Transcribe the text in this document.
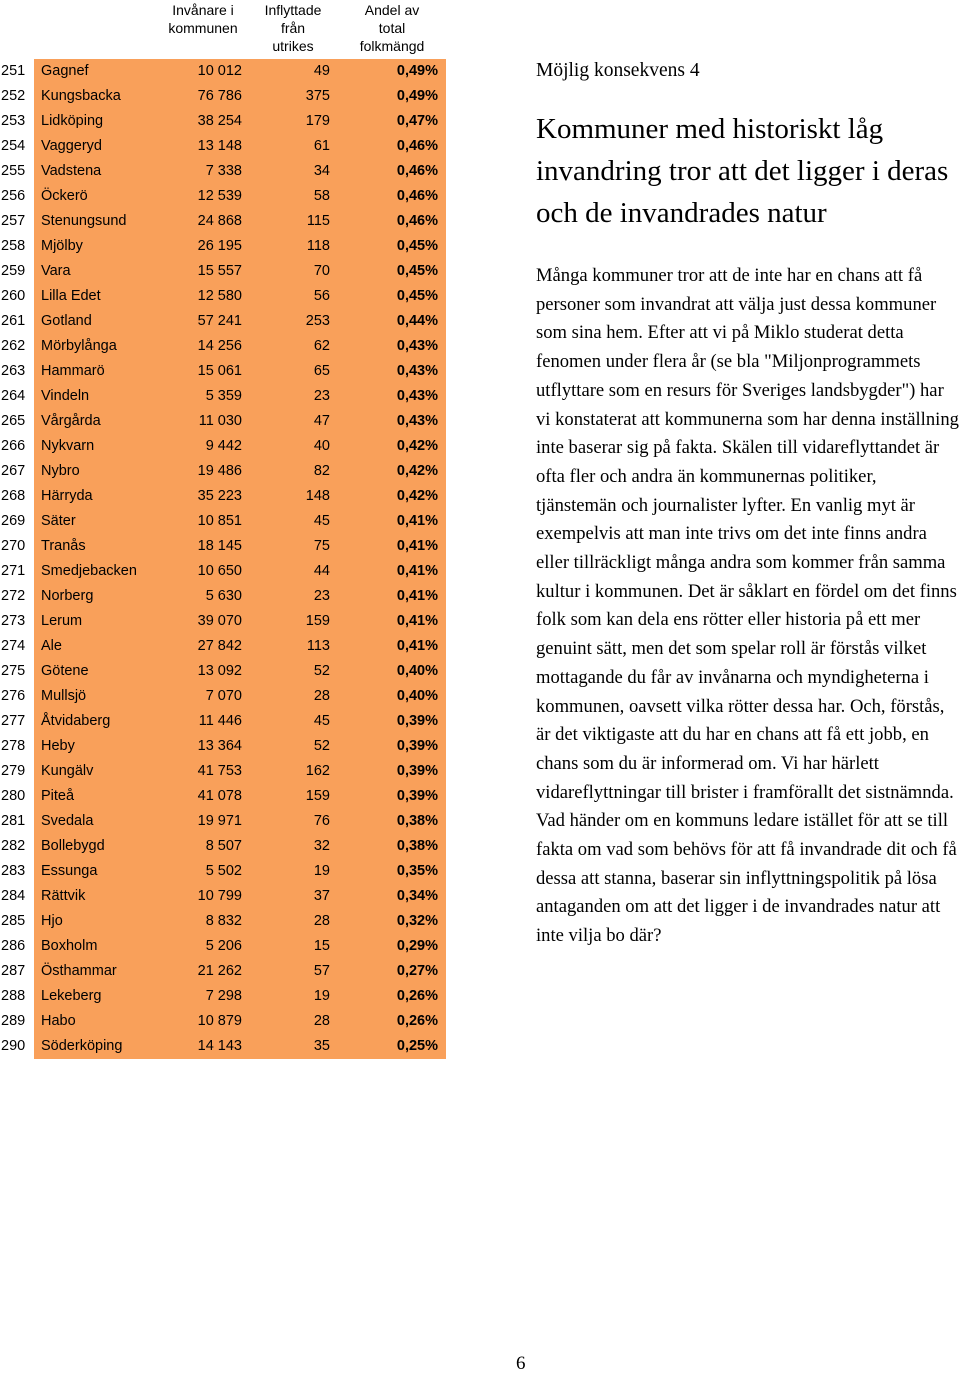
Invånare i
kommunen
Inflyttade
från
utrikes
Andel av
total
folkmängd
251	Gagnef	10 012	49	0,49%
252	Kungsbacka	76 786	375	0,49%
253	Lidköping	38 254	179	0,47%
254	Vaggeryd	13 148	61	0,46%
255	Vadstena	7 338	34	0,46%
256	Öckerö	12 539	58	0,46%
257	Stenungsund	24 868	115	0,46%
258	Mjölby	26 195	118	0,45%
259	Vara	15 557	70	0,45%
260	Lilla Edet	12 580	56	0,45%
261	Gotland	57 241	253	0,44%
262	Mörbylånga	14 256	62	0,43%
263	Hammarö	15 061	65	0,43%
264	Vindeln	5 359	23	0,43%
265	Vårgårda	11 030	47	0,43%
266	Nykvarn	9 442	40	0,42%
267	Nybro	19 486	82	0,42%
268	Härryda	35 223	148	0,42%
269	Säter	10 851	45	0,41%
270	Tranås	18 145	75	0,41%
271	Smedjebacken	10 650	44	0,41%
272	Norberg	5 630	23	0,41%
273	Lerum	39 070	159	0,41%
274	Ale	27 842	113	0,41%
275	Götene	13 092	52	0,40%
276	Mullsjö	7 070	28	0,40%
277	Åtvidaberg	11 446	45	0,39%
278	Heby	13 364	52	0,39%
279	Kungälv	41 753	162	0,39%
280	Piteå	41 078	159	0,39%
281	Svedala	19 971	76	0,38%
282	Bollebygd	8 507	32	0,38%
283	Essunga	5 502	19	0,35%
284	Rättvik	10 799	37	0,34%
285	Hjo	8 832	28	0,32%
286	Boxholm	5 206	15	0,29%
287	Östhammar	21 262	57	0,27%
288	Lekeberg	7 298	19	0,26%
289	Habo	10 879	28	0,26%
290	Söderköping	14 143	35	0,25%
Möjlig konsekvens 4
Kommuner med historiskt låg invandring tror att det ligger i deras och de invandrades natur

Många kommuner tror att de inte har en chans att få personer som invandrat att välja just dessa kommuner som sina hem. Efter att vi på Miklo studerat detta fenomen under flera år (se bla "Miljonprogrammets utflyttare som en resurs för Sveriges landsbygder") har vi konstaterat att kommunerna som har denna inställning inte baserar sig på fakta. Skälen till vidareflyttandet är ofta fler och andra än kommunernas politiker, tjänstemän och journalister lyfter. En vanlig myt är exempelvis att man inte trivs om det inte finns andra eller tillräckligt många andra som kommer från samma kultur i kommunen. Det är såklart en fördel om det finns folk som kan dela ens rötter eller historia på ett mer genuint sätt, men det som spelar roll är förstås vilket mottagande du får av invånarna och myndigheterna i kommunen, oavsett vilka rötter dessa har. Och, förstås, är det viktigaste att du har en chans att få ett jobb, en chans som du är informerad om. Vi har härlett vidareflyttningar till brister i framförallt det sistnämnda. Vad händer om en kommuns ledare istället för att se till fakta om vad som behövs för att få invandrade dit och få dessa att stanna, baserar sin inflyttningspolitik på lösa antaganden om att det ligger i de invandrades natur att inte vilja bo där?

6
